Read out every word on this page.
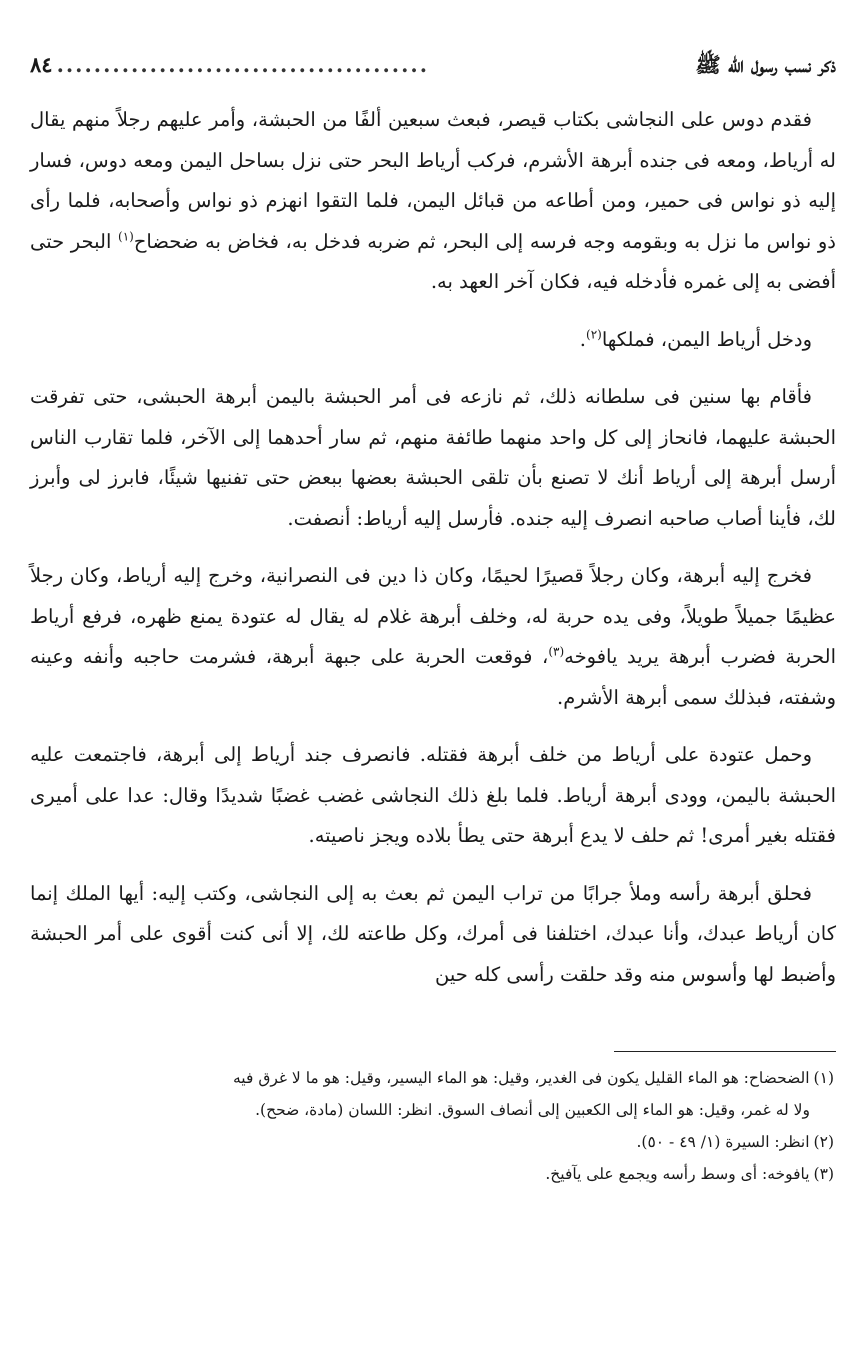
ذكر نسب رسول الله ﷺ
........................................
٨٤

فقدم دوس على النجاشى بكتاب قيصر، فبعث سبعين ألفًا من الحبشة، وأمر عليهم رجلاً منهم يقال له أرياط، ومعه فى جنده أبرهة الأشرم، فركب أرياط البحر حتى نزل بساحل اليمن ومعه دوس، فسار إليه ذو نواس فى حمير، ومن أطاعه من قبائل اليمن، فلما التقوا انهزم ذو نواس وأصحابه، فلما رأى ذو نواس ما نزل به وبقومه وجه فرسه إلى البحر، ثم ضربه فدخل به، فخاض به ضحضاح$^{(١)}$ البحر حتى أفضى به إلى غمره فأدخله فيه، فكان آخر العهد به.

ودخل أرياط اليمن، فملكها$^{(٢)}$.

فأقام بها سنين فى سلطانه ذلك، ثم نازعه فى أمر الحبشة باليمن أبرهة الحبشى، حتى تفرقت الحبشة عليهما، فانحاز إلى كل واحد منهما طائفة منهم، ثم سار أحدهما إلى الآخر، فلما تقارب الناس أرسل أبرهة إلى أرياط أنك لا تصنع بأن تلقى الحبشة بعضها ببعض حتى تفنيها شيئًا، فابرز لى وأبرز لك، فأينا أصاب صاحبه انصرف إليه جنده. فأرسل إليه أرياط: أنصفت.

فخرج إليه أبرهة، وكان رجلاً قصيرًا لحيمًا، وكان ذا دين فى النصرانية، وخرج إليه أرياط، وكان رجلاً عظيمًا جميلاً طويلاً، وفى يده حربة له، وخلف أبرهة غلام له يقال له عتودة يمنع ظهره، فرفع أرياط الحربة فضرب أبرهة يريد يافوخه$^{(٣)}$، فوقعت الحربة على جبهة أبرهة، فشرمت حاجبه وأنفه وعينه وشفته، فبذلك سمى أبرهة الأشرم.

وحمل عتودة على أرياط من خلف أبرهة فقتله. فانصرف جند أرياط إلى أبرهة، فاجتمعت عليه الحبشة باليمن، وودى أبرهة أرياط. فلما بلغ ذلك النجاشى غضب غضبًا شديدًا وقال: عدا على أميرى فقتله بغير أمرى! ثم حلف لا يدع أبرهة حتى يطأ بلاده ويجز ناصيته.

فحلق أبرهة رأسه وملأ جرابًا من تراب اليمن ثم بعث به إلى النجاشى، وكتب إليه: أيها الملك إنما كان أرياط عبدك، وأنا عبدك، اختلفنا فى أمرك، وكل طاعته لك، إلا أنى كنت أقوى على أمر الحبشة وأضبط لها وأسوس منه وقد حلقت رأسى كله حين

(١)الضحضاح: هو الماء القليل يكون فى الغدير، وقيل: هو الماء اليسير، وقيل: هو ما لا غرق فيه
ولا له غمر، وقيل: هو الماء إلى الكعبين إلى أنصاف السوق. انظر: اللسان (مادة، ضحح).
(٢)انظر: السيرة (١/ ٤٩ - ٥٠).
(٣)يافوخه: أى وسط رأسه ويجمع على يآفيخ.
